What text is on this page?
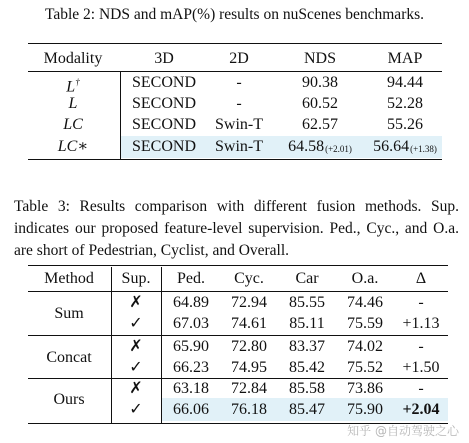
Table 2: NDS and mAP(%) results on nuScenes benchmarks.
Modality	3D	2D	NDS	MAP
L†	SECOND	-	90.38	94.44
L	SECOND	-	60.52	52.28
LC	SECOND	Swin-T	62.57	55.26
LC∗	SECOND	Swin-T	64.58(+2.01)	56.64(+1.38)
Table 3: Results comparison with different fusion methods. Sup. indicates our proposed feature-level supervision. Ped., Cyc., and O.a. are short of Pedestrian, Cyclist, and Overall.
Method	Sup.	Ped.	Cyc.	Car	O.a.	Δ
Sum
✗	64.89	72.94	85.55	74.46	-
✓	67.03	74.61	85.11	75.59	+1.13
Concat
✗	65.90	72.80	83.37	74.02	-
✓	66.23	74.95	85.42	75.52	+1.50
Ours
✗	63.18	72.84	85.58	73.86	-
✓	66.06	76.18	85.47	75.90	+2.04
知乎 @自动驾驶之心
